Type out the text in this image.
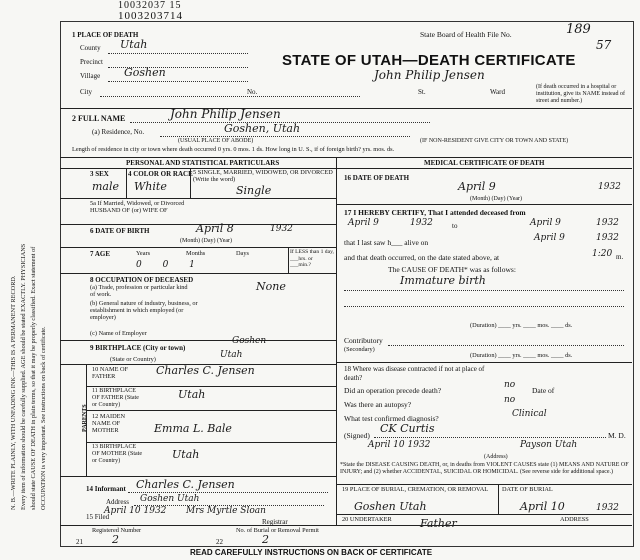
N. B.—WRITE PLAINLY, WITH UNFADING INK—THIS IS A PERMANENT RECORD. Every item of information should be carefully supplied. AGE should be stated EXACTLY. PHYSICIANS should state CAUSE OF DEATH in plain terms, so that it may be properly classified. Exact statement of OCCUPATION is very important. See instructions on back of certificate.
10032037 15
1003203714
State Board of Health File No.	189
57
STATE OF UTAH—DEATH CERTIFICATE
John Philip Jensen
1 PLACE OF DEATH
County Utah
Precinct
Village Goshen
City	No.	St.	Ward
(If death occurred in a hospital or institution, give its NAME instead of street and number.)
2 FULL NAME	John Philip Jensen
(a) Residence, No.	Goshen, Utah
(USUAL PLACE OF ABODE)	(IF NON-RESIDENT GIVE CITY OR TOWN AND STATE)
Length of residence in city or town where death occurred 0 yrs. 0 mos. 1 ds. How long in U. S., if of foreign birth? yrs. mos. ds.
PERSONAL AND STATISTICAL PARTICULARS
3 SEX
male
4 COLOR OR RACE
White
5 SINGLE, MARRIED, WIDOWED, OR DIVORCED (Write the word)
Single
5a If Married, Widowed, or Divorced HUSBAND OF (or) WIFE OF
6 DATE OF BIRTH	April 8	1932
(Month) (Day) (Year)
7 AGE	Years	Months	Days
0 0 1
If LESS than 1 day, ___hrs. or ___min.?
8 OCCUPATION OF DECEASED
(a) Trade, profession or particular kind of work.
None
(b) General nature of industry, business, or establishment in which employed (or employer)
(c) Name of Employer
9 BIRTHPLACE (City or town)
Goshen
(State or Country)	Utah
PARENTS
10 NAME OF FATHER	Charles C. Jensen
11 BIRTHPLACE OF FATHER (State or Country)
Utah
12 MAIDEN NAME OF MOTHER	Emma L. Bale
13 BIRTHPLACE OF MOTHER (State or Country)	Utah
14 Informant Charles C. Jensen
Address Goshen Utah
15 Filed
April 10 1932 Mrs Myrtle Sloan
Registrar
MEDICAL CERTIFICATE OF DEATH
16 DATE OF DEATH
April 9	1932
(Month) (Day) (Year)
17 I HEREBY CERTIFY, That I attended deceased from
April 9	1932	to	April 9	1932
that I last saw h___ alive on	April 9	1932
and that death occurred, on the date stated above, at	1:20 m.
The CAUSE OF DEATH* was as follows:
Immature birth
(Duration) ____ yrs. ____ mos. ____ ds.
Contributory
(Secondary)
(Duration) ____ yrs. ____ mos. ____ ds.
18 Where was disease contracted if not at place of death?
Did an operation precede death?
no
Date of
Was there an autopsy?	no
What test confirmed diagnosis?	Clinical
(Signed)
CK Curtis
M. D.
April 10 1932	Payson Utah
(Address)
*State the DISEASE CAUSING DEATH, or, in deaths from VIOLENT CAUSES state (1) MEANS AND NATURE OF INJURY; and (2) whether ACCIDENTAL, SUICIDAL OR HOMICIDAL. (See reverse side for additional space.)
19 PLACE OF BURIAL, CREMATION, OR REMOVAL
Goshen Utah
DATE OF BURIAL
April 10	1932
20 UNDERTAKER	Father	ADDRESS
Registered Number
21	2
No. of Burial or Removal Permit
22	2
READ CAREFULLY INSTRUCTIONS ON BACK OF CERTIFICATE
